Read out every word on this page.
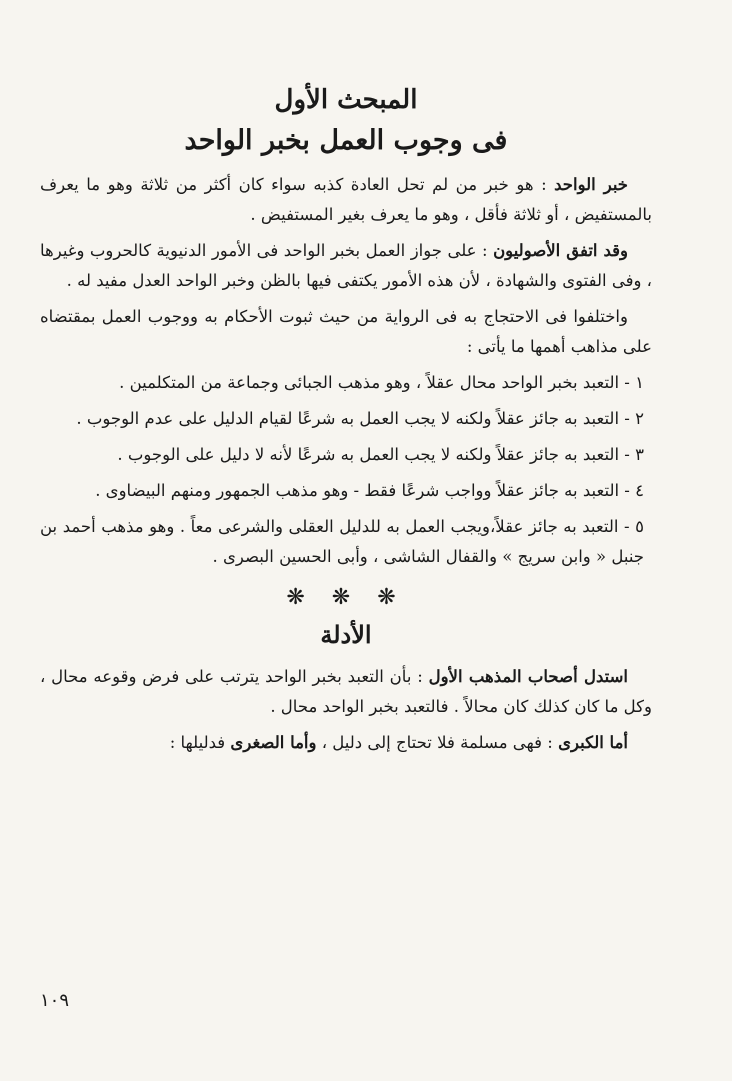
المبحث الأول
فى وجوب العمل بخبر الواحد

خبر الواحد : هو خبر من لم تحل العادة كذبه سواء كان أكثر من ثلاثة وهو ما يعرف بالمستفيض ، أو ثلاثة فأقل ، وهو ما يعرف بغير المستفيض .

وقد اتفق الأصوليون : على جواز العمل بخبر الواحد فى الأمور الدنيوية كالحروب وغيرها ، وفى الفتوى والشهادة ، لأن هذه الأمور يكتفى فيها بالظن وخبر الواحد العدل مفيد له .

واختلفوا فى الاحتجاج به فى الرواية من حيث ثبوت الأحكام به ووجوب العمل بمقتضاه على مذاهب أهمها ما يأتى :

١ - التعبد بخبر الواحد محال عقلاً ، وهو مذهب الجبائى وجماعة من المتكلمين .

٢ - التعبد به جائز عقلاً ولكنه لا يجب العمل به شرعًا لقيام الدليل على عدم الوجوب .

٣ - التعبد به جائز عقلاً ولكنه لا يجب العمل به شرعًا لأنه لا دليل على الوجوب .

٤ - التعبد به جائز عقلاً وواجب شرعًا فقط - وهو مذهب الجمهور ومنهم البيضاوى .

٥ - التعبد به جائز عقلاً،ويجب العمل به للدليل العقلى والشرعى معاً . وهو مذهب أحمد بن جنبل « وابن سريج » والقفال الشاشى ، وأبى الحسين البصرى .

❋ ❋ ❋
الأدلة

استدل أصحاب المذهب الأول : بأن التعبد بخبر الواحد يترتب على فرض وقوعه محال ، وكل ما كان كذلك كان محالاً . فالتعبد بخبر الواحد محال .

أما الكبرى : فهى مسلمة فلا تحتاج إلى دليل ، وأما الصغرى فدليلها :

١٠٩
